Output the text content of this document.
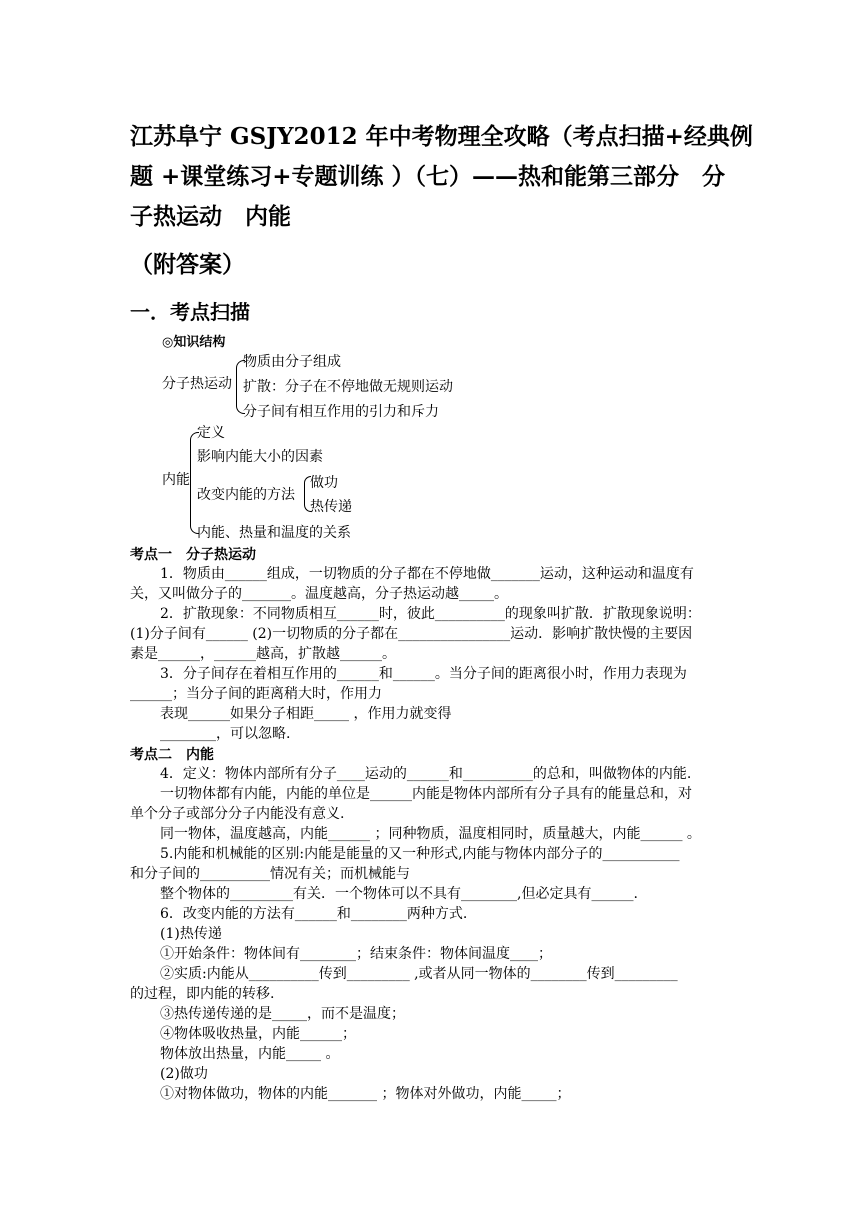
江苏阜宁 GSJY2012 年中考物理全攻略（考点扫描+经典例
题 +课堂练习+专题训练 ）（七）——热和能第三部分　分
子热运动　内能
（附答案）
一．考点扫描
◎知识结构
分子热运动
物质由分子组成
扩散：分子在不停地做无规则运动
分子间有相互作用的引力和斥力
内能
定义
影响内能大小的因素
改变内能的方法
做功
热传递
内能、热量和温度的关系
考点一　分子热运动
1．物质由______组成，一切物质的分子都在不停地做_______运动，这种运动和温度有
关，又叫做分子的_______。温度越高，分子热运动越_____。
2．扩散现象：不同物质相互______时，彼此__________的现象叫扩散．扩散现象说明：
(1)分子间有______ (2)一切物质的分子都在________________运动．影响扩散快慢的主要因
素是______，______越高，扩散越______。
3．分子间存在着相互作用的______和______。当分子间的距离很小时，作用力表现为
______；当分子间的距离稍大时，作用力
表现______如果分子相距_____ ，作用力就变得
________，可以忽略.
考点二　内能
4．定义：物体内部所有分子____运动的______和__________的总和，叫做物体的内能.
一切物体都有内能，内能的单位是______内能是物体内部所有分子具有的能量总和，对
单个分子或部分分子内能没有意义.
同一物体，温度越高，内能______ ；同种物质，温度相同时，质量越大，内能______ 。
5.内能和机械能的区别:内能是能量的又一种形式,内能与物体内部分子的___________
和分子间的__________情况有关；而机械能与
整个物体的_________有关．一个物体可以不具有________,但必定具有______.
6．改变内能的方法有______和________两种方式.
(1)热传递
①开始条件：物体间有________；结束条件：物体间温度____；
②实质:内能从__________传到_________ ,或者从同一物体的________传到_________
的过程，即内能的转移.
③热传递传递的是_____，而不是温度；
④物体吸收热量，内能______；
物体放出热量，内能_____ 。
(2)做功
①对物体做功，物体的内能_______ ；物体对外做功，内能_____；
